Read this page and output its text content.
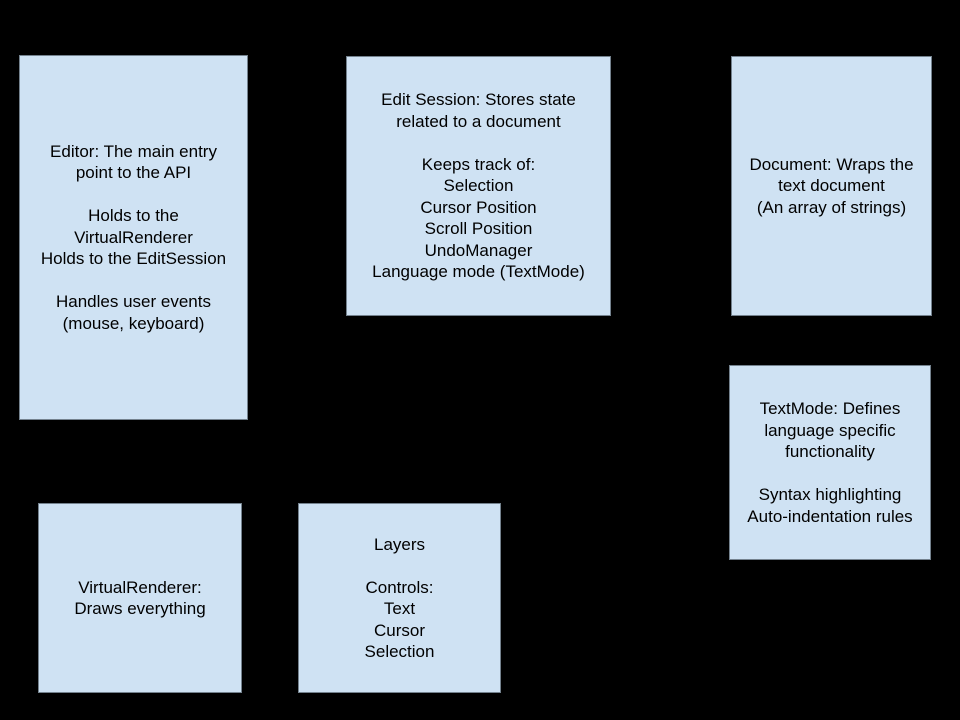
Editor: The main entry
point to the API
Holds to the
VirtualRenderer
Holds to the EditSession
Handles user events
(mouse, keyboard)
Edit Session: Stores state
related to a document
Keeps track of:
Selection
Cursor Position
Scroll Position
UndoManager
Language mode (TextMode)
Document: Wraps the
text document
(An array of strings)
TextMode: Defines
language specific
functionality
Syntax highlighting
Auto-indentation rules
VirtualRenderer:
Draws everything
Layers
Controls:
Text
Cursor
Selection
